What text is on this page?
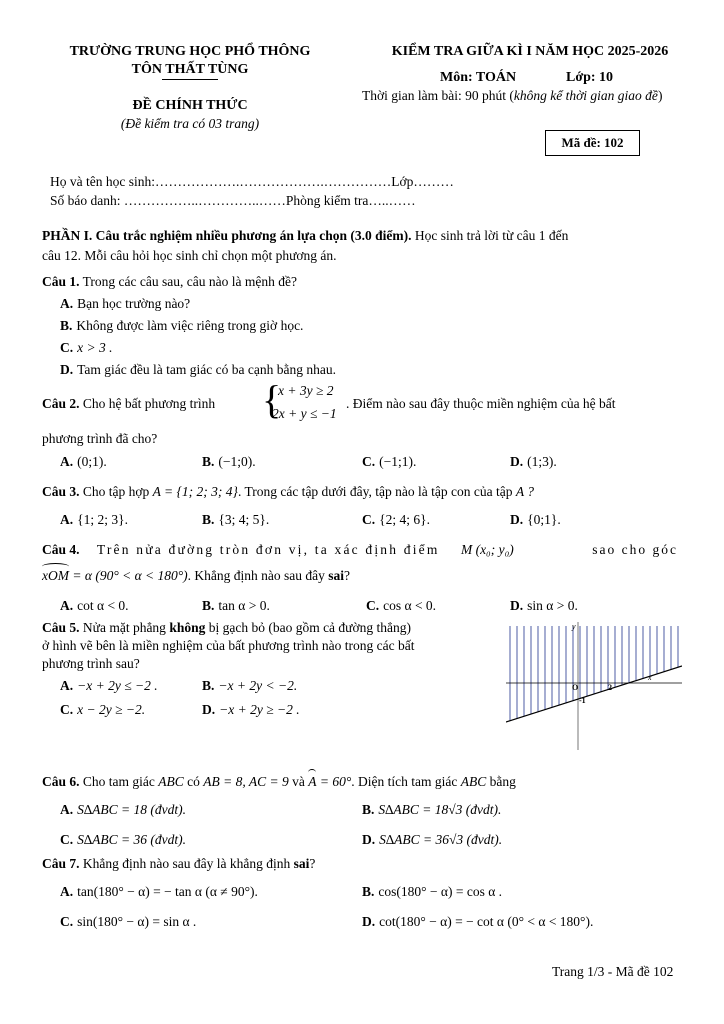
TRƯỜNG TRUNG HỌC PHỔ THÔNG
TÔN THẤT TÙNG
ĐỀ CHÍNH THỨC
(Đề kiểm tra có 03 trang)
KIỂM TRA GIỮA KÌ I NĂM HỌC 2025-2026
Môn: TOÁN	Lớp: 10
Thời gian làm bài: 90 phút (không kể thời gian giao đề)
Mã đề: 102
Họ và tên học sinh:……………….……………….……………Lớp………
Số báo danh: ……………..…………..……Phòng kiểm tra…..……
PHẦN I. Câu trắc nghiệm nhiều phương án lựa chọn (3.0 điểm). Học sinh trả lời từ câu 1 đến
câu 12. Mỗi câu hỏi học sinh chỉ chọn một phương án.
Câu 1. Trong các câu sau, câu nào là mệnh đề?
A. Bạn học trường nào?
B. Không được làm việc riêng trong giờ học.
C. x > 3 .
D. Tam giác đều là tam giác có ba cạnh bằng nhau.
Câu 2. Cho hệ bất phương trình {
x + 3y ≥ 2
2x + y ≤ −1
. Điểm nào sau đây thuộc miền nghiệm của hệ bất
phương trình đã cho?
A. (0;1).	B. (−1;0).	C. (−1;1).	D. (1;3).
Câu 3. Cho tập hợp A = {1; 2; 3; 4}. Trong các tập dưới đây, tập nào là tập con của tập A ?
A. {1; 2; 3}.	B. {3; 4; 5}.	C. {2; 4; 6}.	D. {0;1}.
Câu 4. Trên nửa đường tròn đơn vị, ta xác định điểm M (x₀; y₀)	sao cho góc
xOM = α (90° < α < 180°). Khẳng định nào sau đây sai?
A. cot α < 0.	B. tan α > 0.	C. cos α < 0.	D. sin α > 0.
Câu 5. Nửa mặt phẳng không bị gạch bỏ (bao gồm cả đường thẳng)
ở hình vẽ bên là miền nghiệm của bất phương trình nào trong các bất
phương trình sau?
A. −x + 2y ≤ −2 .	B. −x + 2y < −2.
C. x − 2y ≥ −2.	D. −x + 2y ≥ −2 .
x
y
O	2
-1
Câu 6. Cho tam giác ABC có AB = 8, AC = 9 và A = 60°. Diện tích tam giác ABC bằng
A. S∆ABC = 18 (đvdt).	B. S∆ABC = 18√3 (đvdt).
C. S∆ABC = 36 (đvdt).	D. S∆ABC = 36√3 (đvdt).
Câu 7. Khẳng định nào sau đây là khẳng định sai?
A. tan(180° − α) = − tan α (α ≠ 90°).	B. cos(180° − α) = cos α .
C. sin(180° − α) = sin α .	D. cot(180° − α) = − cot α (0° < α < 180°).
Trang 1/3 - Mã đề 102
